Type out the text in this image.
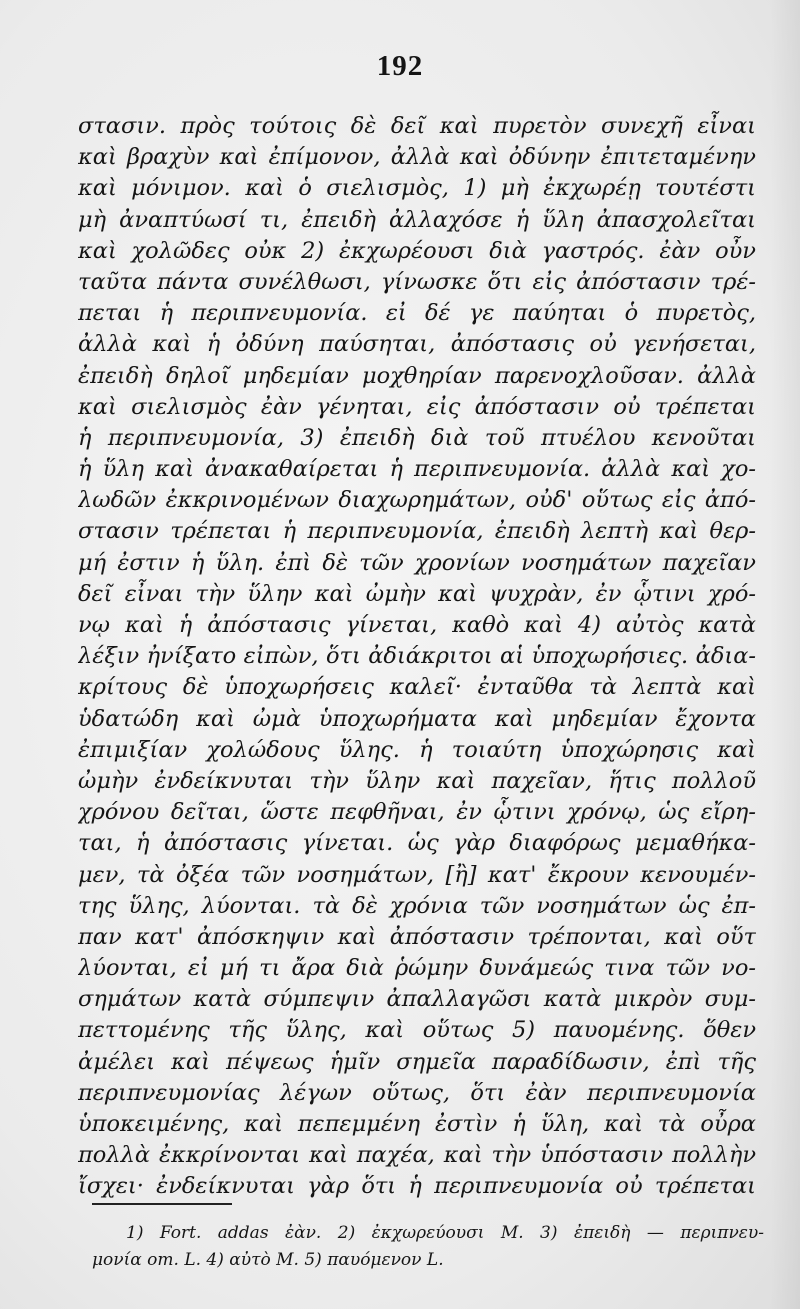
192
στασιν. πρὸς τούτοις δὲ δεῖ καὶ πυρετὸν συνεχῆ εἶναι
καὶ βραχὺν καὶ ἐπίμονον, ἀλλὰ καὶ ὀδύνην ἐπιτεταμένην
καὶ μόνιμον. καὶ ὁ σιελισμὸς, 1) μὴ ἐκχωρέῃ τουτέστι
μὴ ἀναπτύωσί τι, ἐπειδὴ ἀλλαχόσε ἡ ὕλη ἀπασχολεῖται
καὶ χολῶδες οὐκ 2) ἐκχωρέουσι διὰ γαστρός. ἐὰν οὖν
ταῦτα πάντα συνέλθωσι, γίνωσκε ὅτι εἰς ἀπόστασιν τρέ-
πεται ἡ περιπνευμονία. εἰ δέ γε παύηται ὁ πυρετὸς,
ἀλλὰ καὶ ἡ ὀδύνη παύσηται, ἀπόστασις οὐ γενήσεται,
ἐπειδὴ δηλοῖ μηδεμίαν μοχθηρίαν παρενοχλοῦσαν. ἀλλὰ
καὶ σιελισμὸς ἐὰν γένηται, εἰς ἀπόστασιν οὐ τρέπεται
ἡ περιπνευμονία, 3) ἐπειδὴ διὰ τοῦ πτυέλου κενοῦται
ἡ ὕλη καὶ ἀνακαθαίρεται ἡ περιπνευμονία. ἀλλὰ καὶ χο-
λωδῶν ἐκκρινομένων διαχωρημάτων, οὐδ' οὕτως εἰς ἀπό-
στασιν τρέπεται ἡ περιπνευμονία, ἐπειδὴ λεπτὴ καὶ θερ-
μή ἐστιν ἡ ὕλη. ἐπὶ δὲ τῶν χρονίων νοσημάτων παχεῖαν
δεῖ εἶναι τὴν ὕλην καὶ ὠμὴν καὶ ψυχρὰν, ἐν ᾧτινι χρό-
νῳ καὶ ἡ ἀπόστασις γίνεται, καθὸ καὶ 4) αὐτὸς κατὰ
λέξιν ἠνίξατο εἰπὼν, ὅτι ἀδιάκριτοι αἱ ὑποχωρήσιες. ἀδια-
κρίτους δὲ ὑποχωρήσεις καλεῖ· ἐνταῦθα τὰ λεπτὰ καὶ
ὑδατώδη καὶ ὠμὰ ὑποχωρήματα καὶ μηδεμίαν ἔχοντα
ἐπιμιξίαν χολώδους ὕλης. ἡ τοιαύτη ὑποχώρησις καὶ
ὠμὴν ἐνδείκνυται τὴν ὕλην καὶ παχεῖαν, ἥτις πολλοῦ
χρόνου δεῖται, ὥστε πεφθῆναι, ἐν ᾧτινι χρόνῳ, ὡς εἴρη-
ται, ἡ ἀπόστασις γίνεται. ὡς γὰρ διαφόρως μεμαθήκα-
μεν, τὰ ὀξέα τῶν νοσημάτων, [ἢ] κατ' ἔκρουν κενουμέν-
της ὕλης, λύονται. τὰ δὲ χρόνια τῶν νοσημάτων ὡς ἐπ-
παν κατ' ἀπόσκηψιν καὶ ἀπόστασιν τρέπονται, καὶ οὕτ
λύονται, εἰ μή τι ἄρα διὰ ῥώμην δυνάμεώς τινα τῶν νο-
σημάτων κατὰ σύμπεψιν ἀπαλλαγῶσι κατὰ μικρὸν συμ-
πεττομένης τῆς ὕλης, καὶ οὕτως 5) παυομένης. ὅθεν
ἀμέλει καὶ πέψεως ἡμῖν σημεῖα παραδίδωσιν, ἐπὶ τῆς
περιπνευμονίας λέγων οὕτως, ὅτι ἐὰν περιπνευμονία
ὑποκειμένης, καὶ πεπεμμένη ἐστὶν ἡ ὕλη, καὶ τὰ οὖρα
πολλὰ ἐκκρίνονται καὶ παχέα, καὶ τὴν ὑπόστασιν πολλὴν
ἴσχει· ἐνδείκνυται γὰρ ὅτι ἡ περιπνευμονία οὐ τρέπεται
1) Fort. addas ἐὰν. 2) ἐκχωρεύουσι M. 3) ἐπειδὴ — περιπνευ-
μονία om. L. 4) αὐτὸ M. 5) παυόμενον L.
